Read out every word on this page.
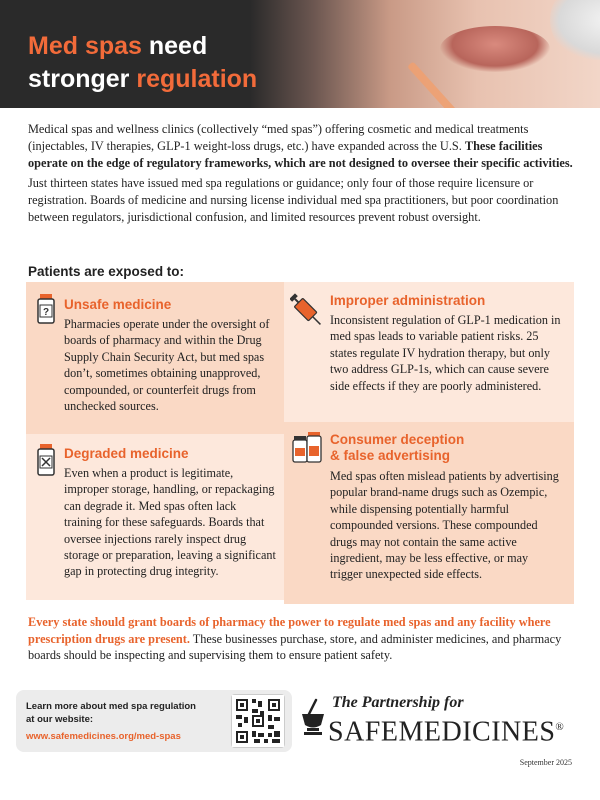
Med spas need
stronger regulation

Medical spas and wellness clinics (collectively “med spas”) offering cosmetic and medical treatments (injectables, IV therapies, GLP-1 weight-loss drugs, etc.) have expanded across the U.S. These facilities operate on the edge of regulatory frameworks, which are not designed to oversee their specific activities.

Just thirteen states have issued med spa regulations or guidance; only four of those require licensure or registration. Boards of medicine and nursing license individual med spa practitioners, but poor coordination between regulators, jurisdictional confusion, and limited resources prevent robust oversight.

Patients are exposed to:
?
Unsafe medicine
Pharmacies operate under the oversight of boards of pharmacy and within the Drug Supply Chain Security Act, but med spas don’t, sometimes obtaining unapproved, compounded, or counterfeit drugs from unchecked sources.
Improper administration
Inconsistent regulation of GLP-1 medication in med spas leads to variable patient risks. 25 states regulate IV hydration therapy, but only two address GLP-1s, which can cause severe side effects if they are poorly administered.
Degraded medicine
Even when a product is legitimate, improper storage, handling, or repackaging can degrade it. Med spas often lack training for these safeguards. Boards that oversee injections rarely inspect drug storage or preparation, leaving a significant gap in protecting drug integrity.
Consumer deception
& false advertising
Med spas often mislead patients by advertising popular brand-name drugs such as Ozempic, while dispensing potentially harmful compounded versions. These compounded drugs may not contain the same active ingredient, may be less effective, or may trigger unexpected side effects.
Every state should grant boards of pharmacy the power to regulate med spas and any facility where prescription drugs are present. These businesses purchase, store, and administer medicines, and pharmacy boards should be inspecting and supervising them to ensure patient safety.
Learn more about med spa regulation
at our website:
www.safemedicines.org/med-spas
The Partnership for
SAFEMEDICINES®
September 2025
